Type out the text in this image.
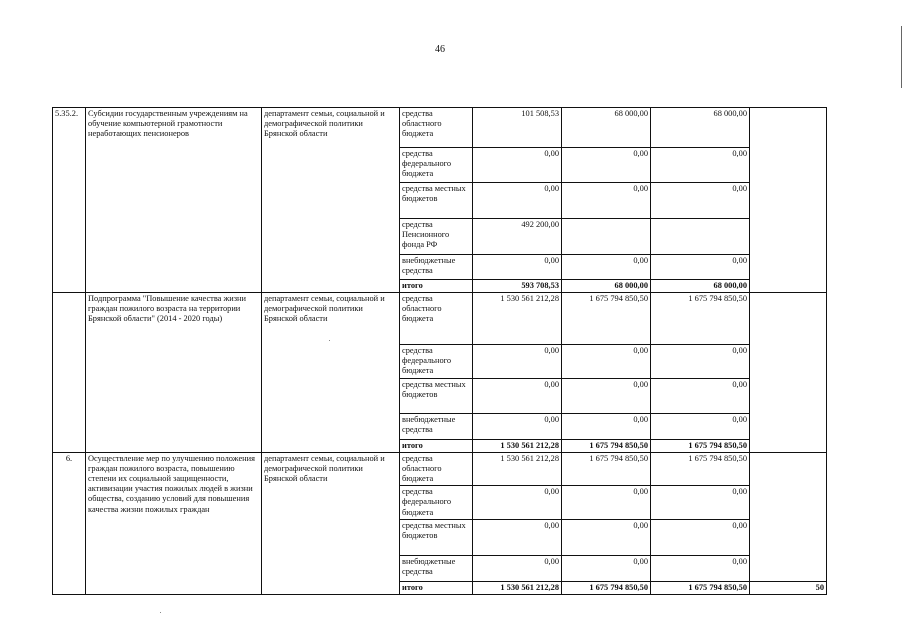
46
5.35.2.	Субсидии государственным учреждениям на обучение компьютерной грамотности неработающих пенсионеров	департамент семьи, социальной и демографической политики Брянской области	средства областного бюджета	101 508,53	68 000,00	68 000,00	
			средства федерального бюджета	0,00	0,00	0,00	
			средства местных бюджетов	0,00	0,00	0,00	
			средства Пенсионного фонда РФ	492 200,00			
			внебюджетные средства	0,00	0,00	0,00	
			итого	593 708,53	68 000,00	68 000,00	
	Подпрограмма "Повышение качества жизни граждан пожилого возраста на территории Брянской области" (2014 - 2020 годы)	департамент семьи, социальной и демографической политики Брянской области	средства областного бюджета	1 530 561 212,28	1 675 794 850,50	1 675 794 850,50	
			средства федерального бюджета	0,00	0,00	0,00	
			средства местных бюджетов	0,00	0,00	0,00	
			внебюджетные средства	0,00	0,00	0,00	
			итого	1 530 561 212,28	1 675 794 850,50	1 675 794 850,50	
6.	Осуществление мер по улучшению положения граждан пожилого возраста, повышению степени их социальной защищенности, активизации участия пожилых людей в жизни общества, созданию условий для повышения качества жизни пожилых граждан	департамент семьи, социальной и демографической политики Брянской области	средства областного бюджета	1 530 561 212,28	1 675 794 850,50	1 675 794 850,50	
			средства федерального бюджета	0,00	0,00	0,00	
			средства местных бюджетов	0,00	0,00	0,00	
			внебюджетные средства	0,00	0,00	0,00	
			итого	1 530 561 212,28	1 675 794 850,50	1 675 794 850,50	50
